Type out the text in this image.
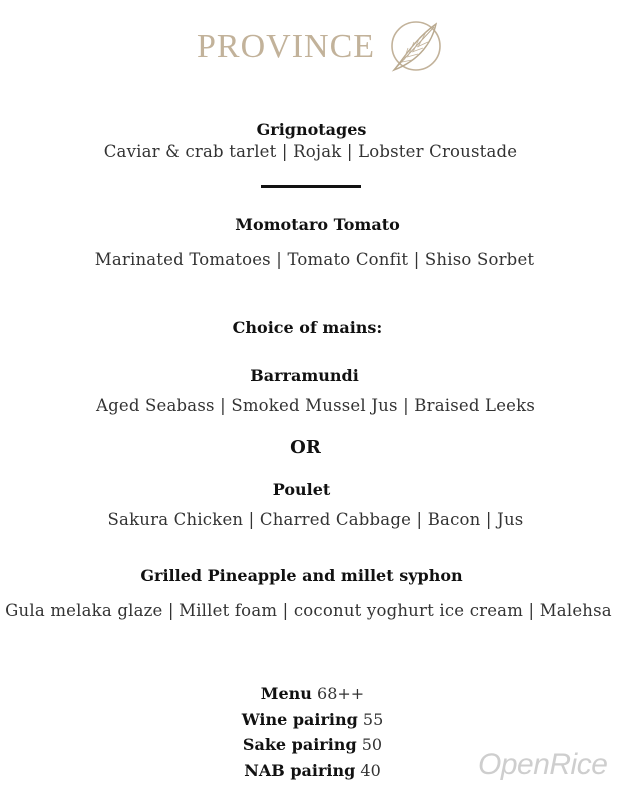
PROVINCE
Grignotages
Caviar & crab tarlet | Rojak | Lobster Croustade
Momotaro Tomato
Marinated Tomatoes | Tomato Confit | Shiso Sorbet
Choice of mains:
Barramundi
Aged Seabass | Smoked Mussel Jus | Braised Leeks
OR
Poulet
Sakura Chicken | Charred Cabbage | Bacon | Jus
Grilled Pineapple and millet syphon
Gula melaka glaze | Millet foam | coconut yoghurt ice cream | Malehsa
Menu 68++
Wine pairing 55
Sake pairing 50
NAB pairing 40	OpenRice
